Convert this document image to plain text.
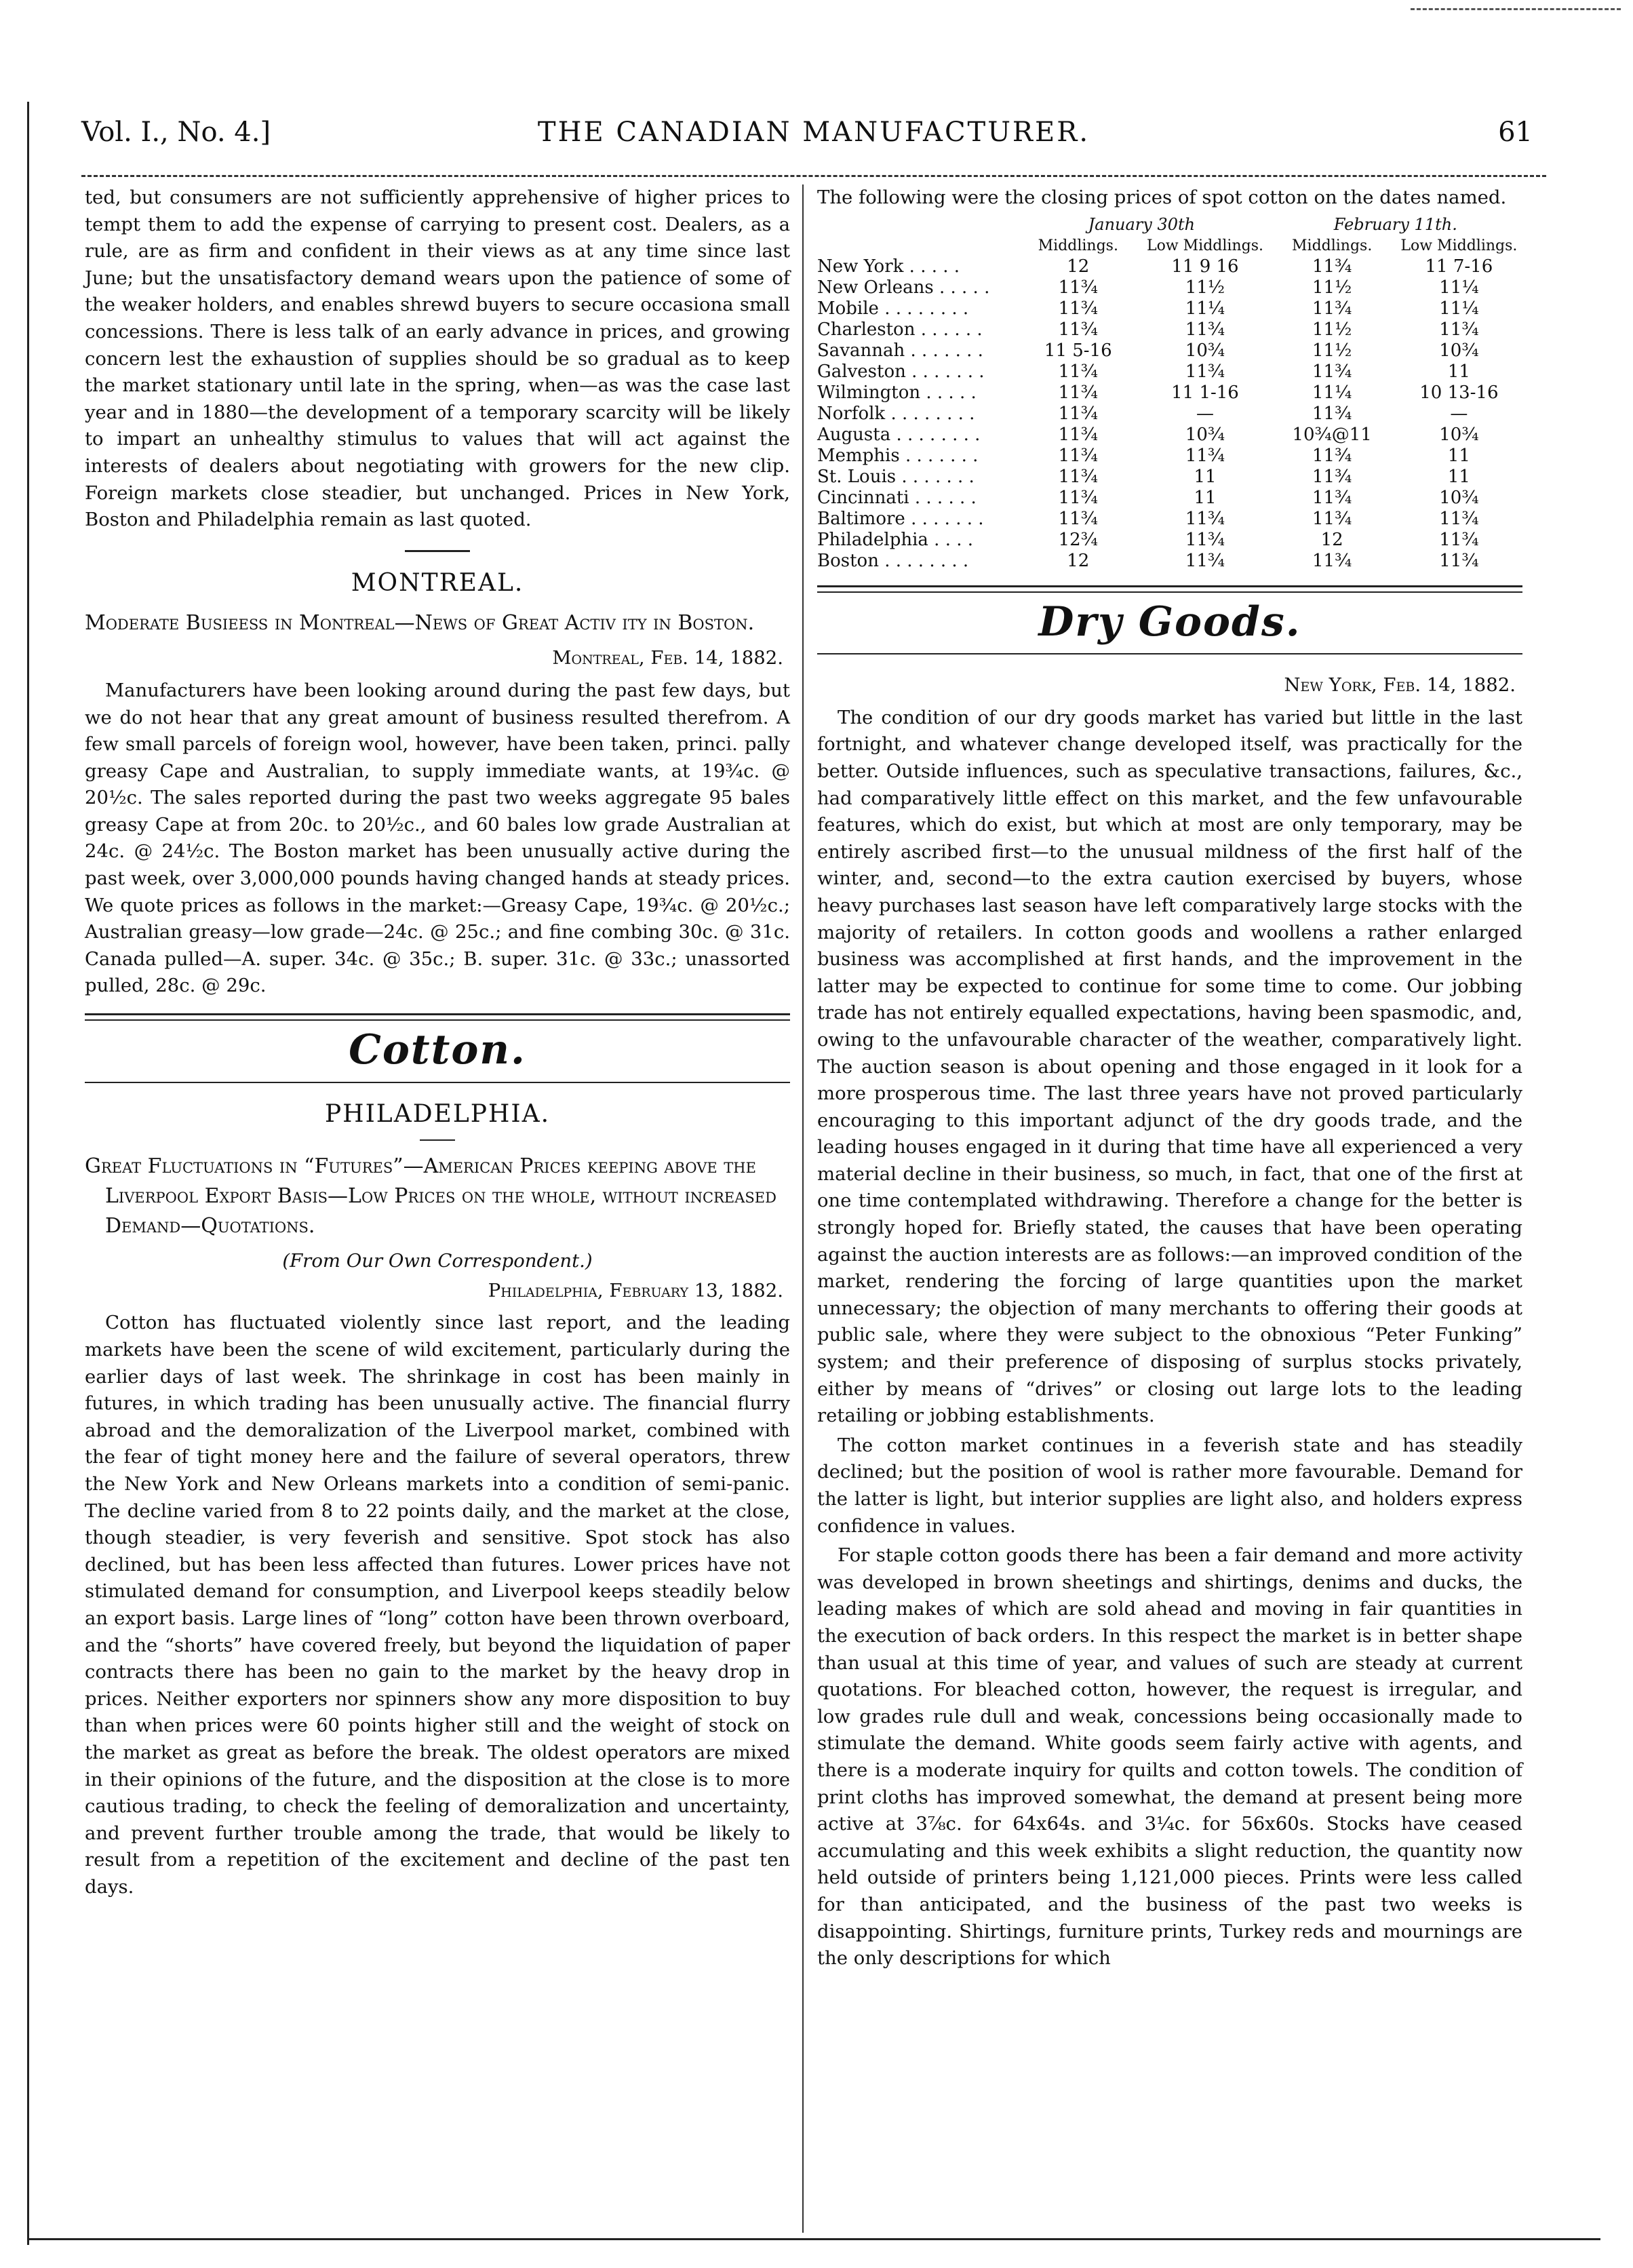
Vol. I., No. 4.]	THE CANADIAN MANUFACTURER.	61

ted, but consumers are not sufficiently apprehensive of higher prices to tempt them to add the expense of carrying to present cost. Dealers, as a rule, are as firm and confident in their views as at any time since last June; but the unsatisfactory demand wears upon the patience of some of the weaker holders, and enables shrewd buyers to secure occasiona small concessions. There is less talk of an early advance in prices, and growing concern lest the exhaustion of supplies should be so gradual as to keep the market stationary until late in the spring, when—as was the case last year and in 1880—the development of a temporary scarcity will be likely to impart an unhealthy stimulus to values that will act against the interests of dealers about negotiating with growers for the new clip. Foreign markets close steadier, but unchanged. Prices in New York, Boston and Philadelphia remain as last quoted.

MONTREAL.

Moderate Busieess in Montreal—News of Great Activ ity in Boston.

Montreal, Feb. 14, 1882.

Manufacturers have been looking around during the past few days, but we do not hear that any great amount of business resulted therefrom. A few small parcels of foreign wool, however, have been taken, princi. pally greasy Cape and Australian, to supply immediate wants, at 19¾c. @ 20½c. The sales reported during the past two weeks aggregate 95 bales greasy Cape at from 20c. to 20½c., and 60 bales low grade Australian at 24c. @ 24½c. The Boston market has been unusually active during the past week, over 3,000,000 pounds having changed hands at steady prices. We quote prices as follows in the market:—Greasy Cape, 19¾c. @ 20½c.; Australian greasy—low grade—24c. @ 25c.; and fine combing 30c. @ 31c. Canada pulled—A. super. 34c. @ 35c.; B. super. 31c. @ 33c.; unassorted pulled, 28c. @ 29c.

Cotton.
PHILADELPHIA.

Great Fluctuations in “Futures”—American Prices keeping above the Liverpool Export Basis—Low Prices on the whole, without increased Demand—Quotations.

(From Our Own Correspondent.)

Philadelphia, February 13, 1882.

Cotton has fluctuated violently since last report, and the leading markets have been the scene of wild excitement, particularly during the earlier days of last week. The shrinkage in cost has been mainly in futures, in which trading has been unusually active. The financial flurry abroad and the demoralization of the Liverpool market, combined with the fear of tight money here and the failure of several operators, threw the New York and New Orleans markets into a condition of semi-panic. The decline varied from 8 to 22 points daily, and the market at the close, though steadier, is very feverish and sensitive. Spot stock has also declined, but has been less affected than futures. Lower prices have not stimulated demand for consumption, and Liverpool keeps steadily below an export basis. Large lines of “long” cotton have been thrown overboard, and the “shorts” have covered freely, but beyond the liquidation of paper contracts there has been no gain to the market by the heavy drop in prices. Neither exporters nor spinners show any more disposition to buy than when prices were 60 points higher still and the weight of stock on the market as great as before the break. The oldest operators are mixed in their opinions of the future, and the disposition at the close is to more cautious trading, to check the feeling of demoralization and uncertainty, and prevent further trouble among the trade, that would be likely to result from a repetition of the excitement and decline of the past ten days.

The following were the closing prices of spot cotton on the dates named.

	January 30th		February 11th.	
	Middlings.	Low Middlings.	Middlings.	Low Middlings.
New York . . . . .	12	11 9 16	11¾	11 7-16
New Orleans . . . . .	11¾	11½	11½	11¼
Mobile . . . . . . . .	11¾	11¼	11¾	11¼
Charleston . . . . . .	11¾	11¾	11½	11¾
Savannah . . . . . . .	11 5-16	10¾	11½	10¾
Galveston . . . . . . .	11¾	11¾	11¾	11
Wilmington . . . . .	11¾	11 1-16	11¼	10 13-16
Norfolk . . . . . . . .	11¾	—	11¾	—
Augusta . . . . . . . .	11¾	10¾	10¾@11	10¾
Memphis . . . . . . .	11¾	11¾	11¾	11
St. Louis . . . . . . .	11¾	11	11¾	11
Cincinnati . . . . . .	11¾	11	11¾	10¾
Baltimore . . . . . . .	11¾	11¾	11¾	11¾
Philadelphia . . . .	12¾	11¾	12	11¾
Boston . . . . . . . .	12	11¾	11¾	11¾
Dry Goods.

New York, Feb. 14, 1882.

The condition of our dry goods market has varied but little in the last fortnight, and whatever change developed itself, was practically for the better. Outside influences, such as speculative transactions, failures, &c., had comparatively little effect on this market, and the few unfavourable features, which do exist, but which at most are only temporary, may be entirely ascribed first—to the unusual mildness of the first half of the winter, and, second—to the extra caution exercised by buyers, whose heavy purchases last season have left comparatively large stocks with the majority of retailers. In cotton goods and woollens a rather enlarged business was accomplished at first hands, and the improvement in the latter may be expected to continue for some time to come. Our jobbing trade has not entirely equalled expectations, having been spasmodic, and, owing to the unfavourable character of the weather, comparatively light. The auction season is about opening and those engaged in it look for a more prosperous time. The last three years have not proved particularly encouraging to this important adjunct of the dry goods trade, and the leading houses engaged in it during that time have all experienced a very material decline in their business, so much, in fact, that one of the first at one time contemplated withdrawing. Therefore a change for the better is strongly hoped for. Briefly stated, the causes that have been operating against the auction interests are as follows:—an improved condition of the market, rendering the forcing of large quantities upon the market unnecessary; the objection of many merchants to offering their goods at public sale, where they were subject to the obnoxious “Peter Funking” system; and their preference of disposing of surplus stocks privately, either by means of “drives” or closing out large lots to the leading retailing or jobbing establishments.

The cotton market continues in a feverish state and has steadily declined; but the position of wool is rather more favourable. Demand for the latter is light, but interior supplies are light also, and holders express confidence in values.

For staple cotton goods there has been a fair demand and more activity was developed in brown sheetings and shirtings, denims and ducks, the leading makes of which are sold ahead and moving in fair quantities in the execution of back orders. In this respect the market is in better shape than usual at this time of year, and values of such are steady at current quotations. For bleached cotton, however, the request is irregular, and low grades rule dull and weak, concessions being occasionally made to stimulate the demand. White goods seem fairly active with agents, and there is a moderate inquiry for quilts and cotton towels. The condition of print cloths has improved somewhat, the demand at present being more active at 3⅞c. for 64x64s. and 3¼c. for 56x60s. Stocks have ceased accumulating and this week exhibits a slight reduction, the quantity now held outside of printers being 1,121,000 pieces. Prints were less called for than anticipated, and the business of the past two weeks is disappointing. Shirtings, furniture prints, Turkey reds and mournings are the only descriptions for which
